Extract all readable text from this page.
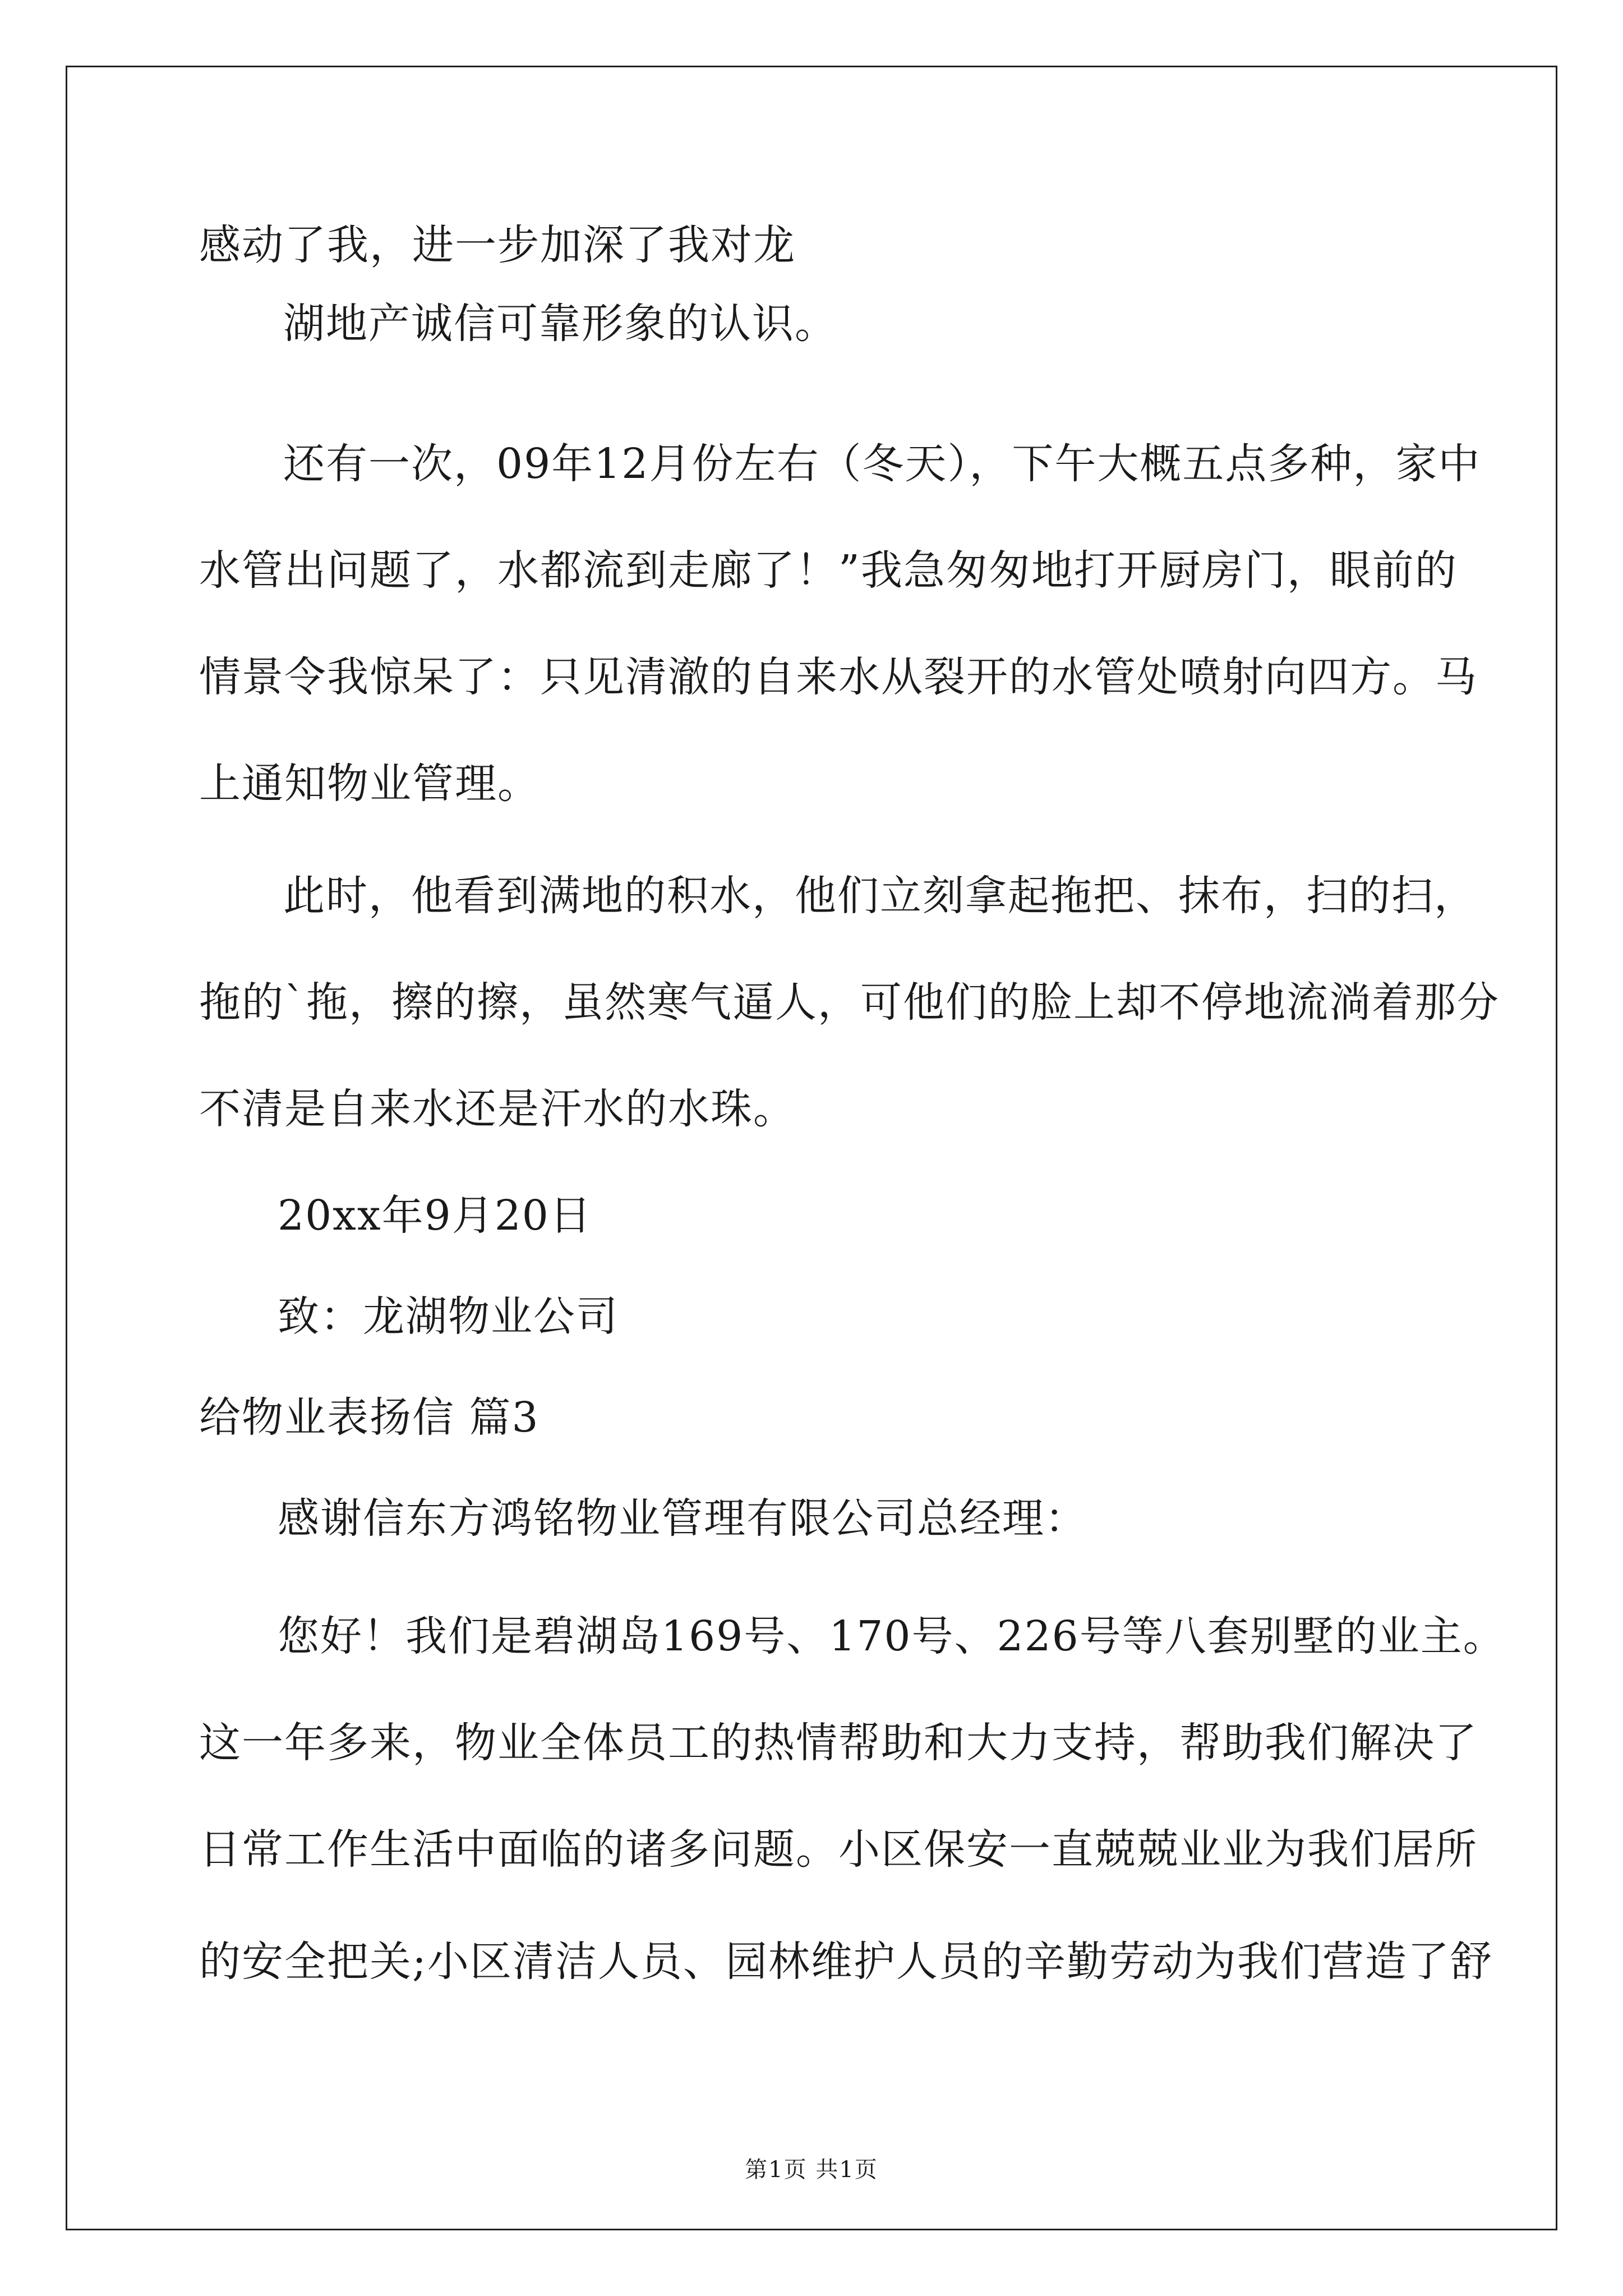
感动了我，进一步加深了我对龙
湖地产诚信可靠形象的认识。
还有一次，09年12月份左右（冬天），下午大概五点多种，家中
水管出问题了，水都流到走廊了！”我急匆匆地打开厨房门，眼前的
情景令我惊呆了：只见清澈的自来水从裂开的水管处喷射向四方。马
上通知物业管理。
此时，他看到满地的积水，他们立刻拿起拖把、抹布，扫的扫，
拖的`拖，擦的擦，虽然寒气逼人，可他们的脸上却不停地流淌着那分
不清是自来水还是汗水的水珠。
20xx年9月20日
致：龙湖物业公司
给物业表扬信 篇3
感谢信东方鸿铭物业管理有限公司总经理：
您好！我们是碧湖岛169号、170号、226号等八套别墅的业主。
这一年多来，物业全体员工的热情帮助和大力支持，帮助我们解决了
日常工作生活中面临的诸多问题。小区保安一直兢兢业业为我们居所
的安全把关;小区清洁人员、园林维护人员的辛勤劳动为我们营造了舒
第1页 共1页
